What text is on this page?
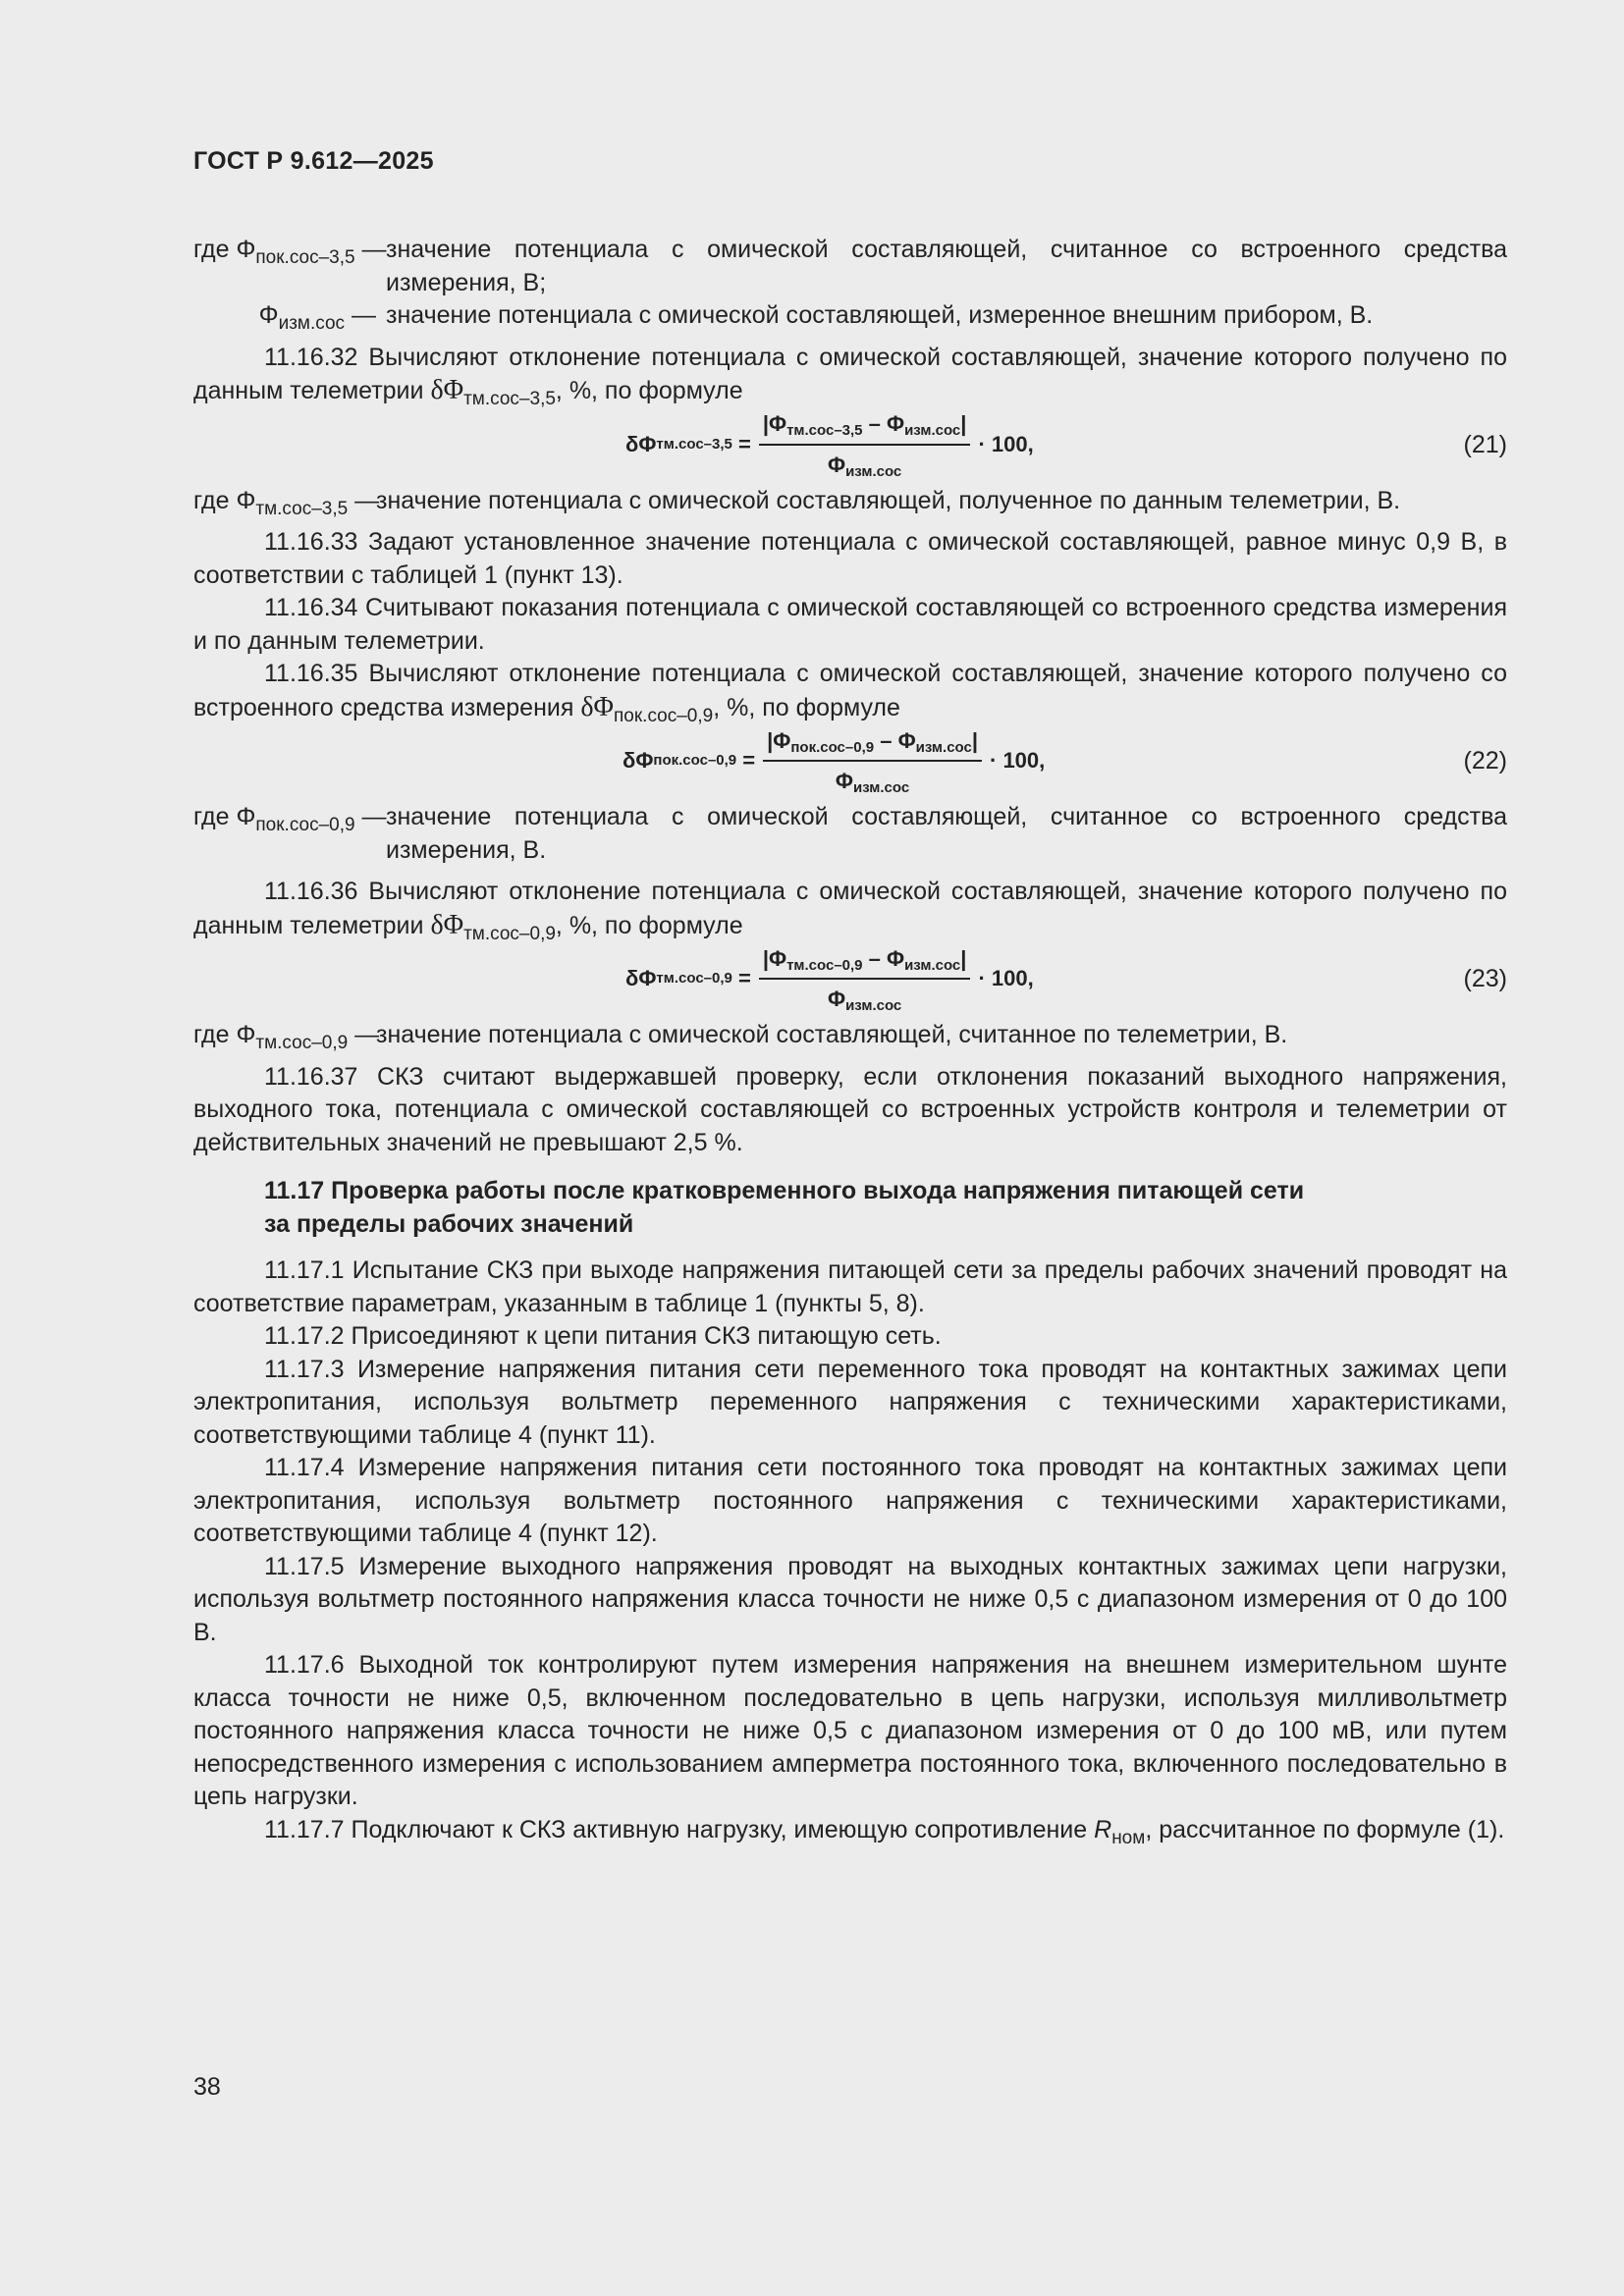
ГОСТ Р 9.612—2025
где $\Phi_{пок.сос-3,5}$ — значение потенциала с омической составляющей, считанное со встроенного средства измерения, В;
$\Phi_{изм.сос}$ — значение потенциала с омической составляющей, измеренное внешним прибором, В.

11.16.32 Вычисляют отклонение потенциала с омической составляющей, значение которого получено по данным телеметрии $\delta\Phi_{тм.сос-3,5}$, %, по формуле

δΦ $тм.сос-3,5 = \frac{|\Phi_{тм.сос-3,5} - \Phi_{изм.сос}|}{\Phi_{изм.сос}} \cdot 100$,	(21)
где $\Phi_{тм.сос-3,5}$ —
значение потенциала с омической составляющей, полученное по данным телеметрии, В.

11.16.33 Задают установленное значение потенциала с омической составляющей, равное минус 0,9 В, в соответствии с таблицей 1 (пункт 13).

11.16.34 Считывают показания потенциала с омической составляющей со встроенного средства измерения и по данным телеметрии.

11.16.35 Вычисляют отклонение потенциала с омической составляющей, значение которого получено со встроенного средства измерения $\delta\Phi_{пок.сос-0,9}$, %, по формуле

δΦ $пок.сос-0,9 = \frac{|\Phi_{пок.сос-0,9} - \Phi_{изм.сос}|}{\Phi_{изм.сос}} \cdot 100$,	(22)
где $\Phi_{пок.сос-0,9}$ — значение потенциала с омической составляющей, считанное со встроенного средства измерения, В.

11.16.36 Вычисляют отклонение потенциала с омической составляющей, значение которого получено по данным телеметрии $\delta\Phi_{тм.сос-0,9}$, %, по формуле

δΦ $тм.сос-0,9 = \frac{|\Phi_{тм.сос-0,9} - \Phi_{изм.сос}|}{\Phi_{изм.сос}} \cdot 100$,	(23)
где $\Phi_{тм.сос-0,9}$ —
значение потенциала с омической составляющей, считанное по телеметрии, В.

11.16.37 СКЗ считают выдержавшей проверку, если отклонения показаний выходного напряжения, выходного тока, потенциала с омической составляющей со встроенных устройств контроля и телеметрии от действительных значений не превышают 2,5 %.

11.17 Проверка работы после кратковременного выхода напряжения питающей сети
за пределы рабочих значений

11.17.1 Испытание СКЗ при выходе напряжения питающей сети за пределы рабочих значений проводят на соответствие параметрам, указанным в таблице 1 (пункты 5, 8).

11.17.2 Присоединяют к цепи питания СКЗ питающую сеть.

11.17.3 Измерение напряжения питания сети переменного тока проводят на контактных зажимах цепи электропитания, используя вольтметр переменного напряжения с техническими характеристиками, соответствующими таблице 4 (пункт 11).

11.17.4 Измерение напряжения питания сети постоянного тока проводят на контактных зажимах цепи электропитания, используя вольтметр постоянного напряжения с техническими характеристиками, соответствующими таблице 4 (пункт 12).

11.17.5 Измерение выходного напряжения проводят на выходных контактных зажимах цепи нагрузки, используя вольтметр постоянного напряжения класса точности не ниже 0,5 с диапазоном измерения от 0 до 100 В.

11.17.6 Выходной ток контролируют путем измерения напряжения на внешнем измерительном шунте класса точности не ниже 0,5, включенном последовательно в цепь нагрузки, используя милливольтметр постоянного напряжения класса точности не ниже 0,5 с диапазоном измерения от 0 до 100 мВ, или путем непосредственного измерения с использованием амперметра постоянного тока, включенного последовательно в цепь нагрузки.

11.17.7 Подключают к СКЗ активную нагрузку, имеющую сопротивление $R_{ном}$, рассчитанное по формуле (1).

38
